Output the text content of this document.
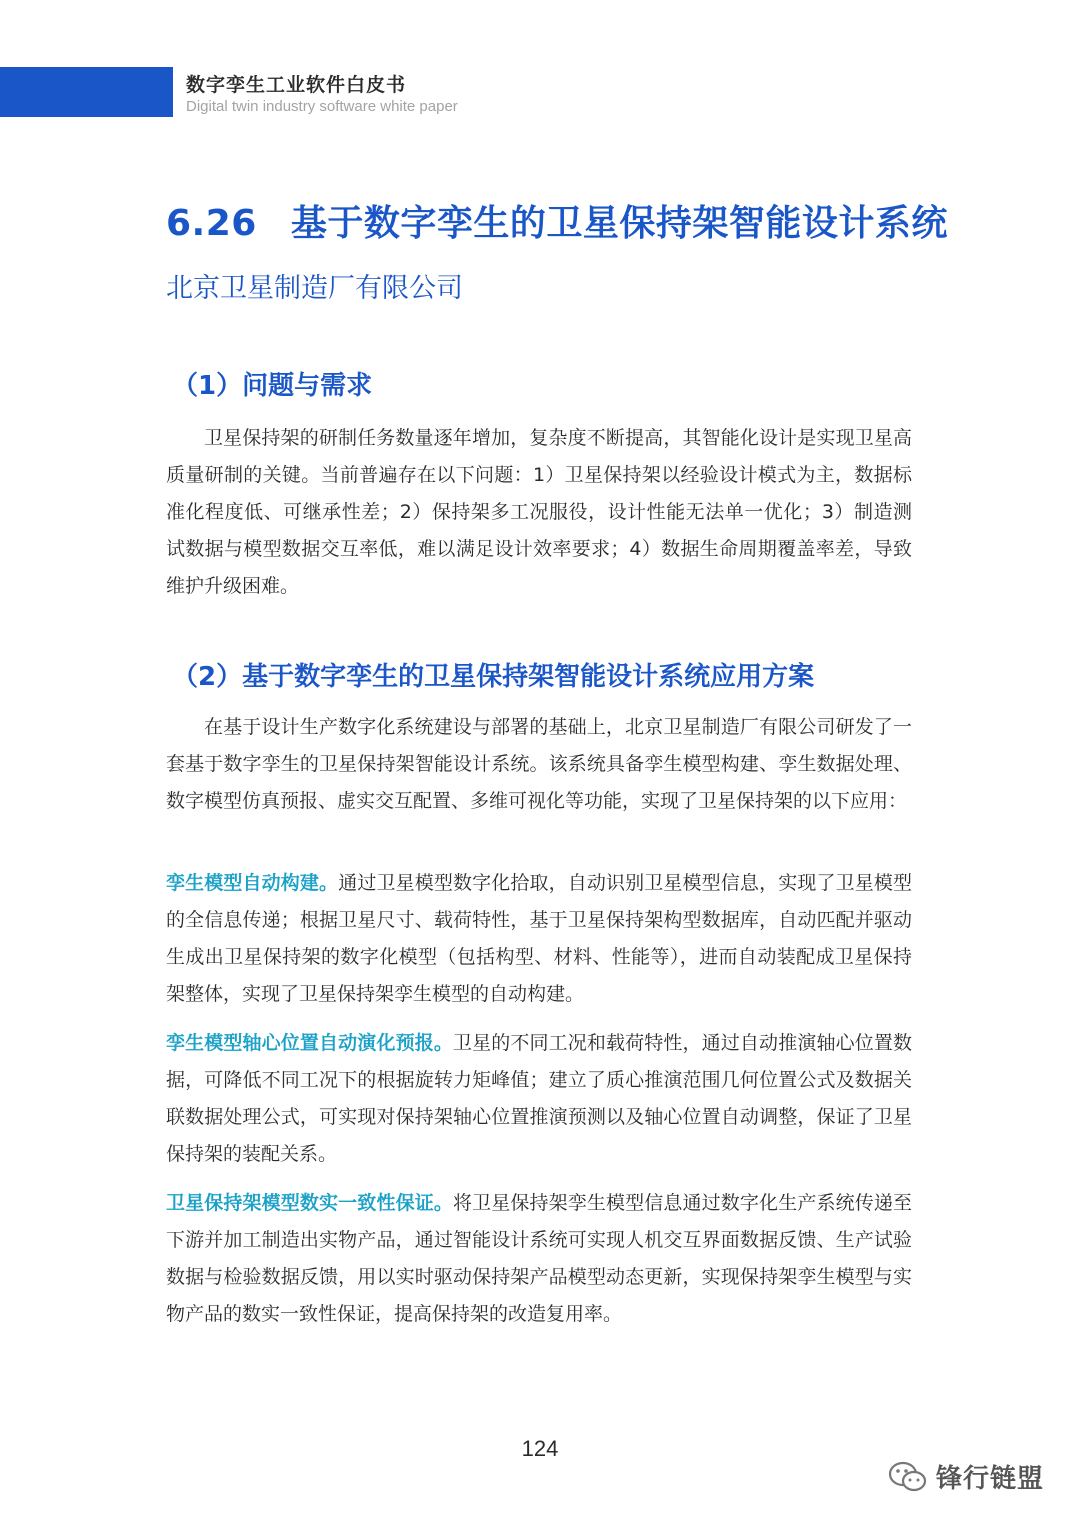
数字孪生工业软件白皮书
Digital twin industry software white paper
6.26 基于数字孪生的卫星保持架智能设计系统
北京卫星制造厂有限公司
（1）问题与需求

卫星保持架的研制任务数量逐年增加，复杂度不断提高，其智能化设计是实现卫星高质量研制的关键。当前普遍存在以下问题：1）卫星保持架以经验设计模式为主，数据标准化程度低、可继承性差；2）保持架多工况服役，设计性能无法单一优化；3）制造测试数据与模型数据交互率低，难以满足设计效率要求；4）数据生命周期覆盖率差，导致维护升级困难。

（2）基于数字孪生的卫星保持架智能设计系统应用方案

在基于设计生产数字化系统建设与部署的基础上，北京卫星制造厂有限公司研发了一套基于数字孪生的卫星保持架智能设计系统。该系统具备孪生模型构建、孪生数据处理、数字模型仿真预报、虚实交互配置、多维可视化等功能，实现了卫星保持架的以下应用：

孪生模型自动构建。通过卫星模型数字化拾取，自动识别卫星模型信息，实现了卫星模型的全信息传递；根据卫星尺寸、载荷特性，基于卫星保持架构型数据库，自动匹配并驱动生成出卫星保持架的数字化模型（包括构型、材料、性能等），进而自动装配成卫星保持架整体，实现了卫星保持架孪生模型的自动构建。

孪生模型轴心位置自动演化预报。卫星的不同工况和载荷特性，通过自动推演轴心位置数据，可降低不同工况下的根据旋转力矩峰值；建立了质心推演范围几何位置公式及数据关联数据处理公式，可实现对保持架轴心位置推演预测以及轴心位置自动调整，保证了卫星保持架的装配关系。

卫星保持架模型数实一致性保证。将卫星保持架孪生模型信息通过数字化生产系统传递至下游并加工制造出实物产品，通过智能设计系统可实现人机交互界面数据反馈、生产试验数据与检验数据反馈，用以实时驱动保持架产品模型动态更新，实现保持架孪生模型与实物产品的数实一致性保证，提高保持架的改造复用率。

124
锋行链盟
